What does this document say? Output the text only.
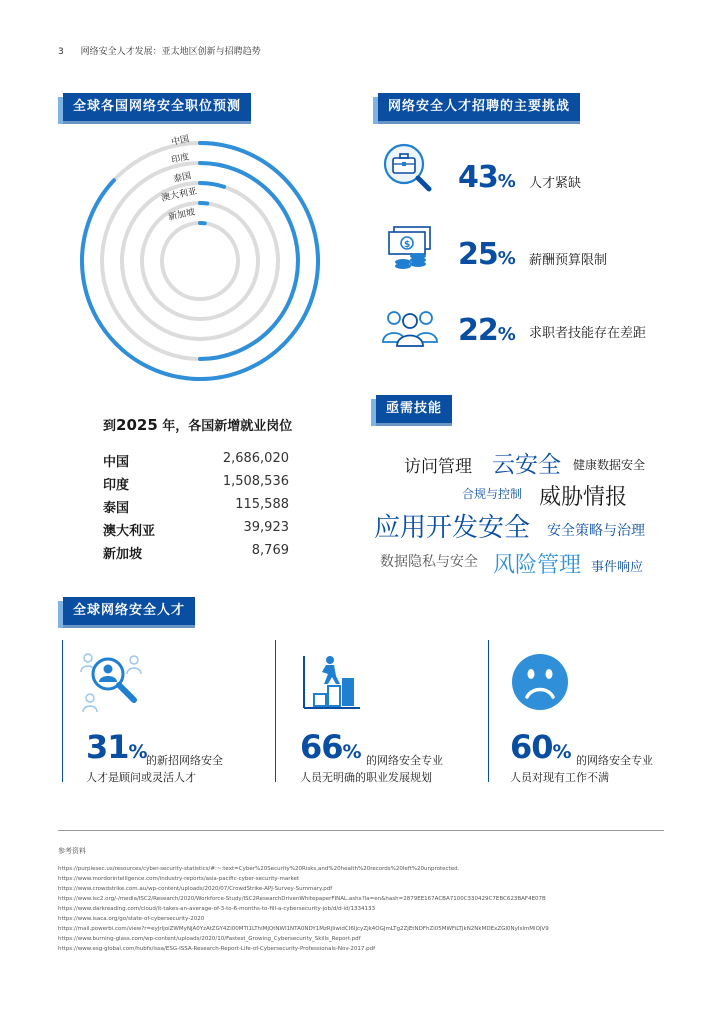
3 网络安全人才发展：亚太地区创新与招聘趋势
全球各国网络安全职位预测
中国
印度
泰国
澳大利亚
新加坡
到2025 年，各国新增就业岗位
中国	2,686,020
印度	1,508,536
泰国	115,588
澳大利亚	39,923
新加坡	8,769
网络安全人才招聘的主要挑战
43% 人才紧缺
$ 25% 薪酬预算限制
22% 求职者技能存在差距
亟需技能
访问管理 云安全 健康数据安全
合规与控制 威胁情报
应用开发安全 安全策略与治理
数据隐私与安全 风险管理 事件响应
全球网络安全人才
31% 的新招网络安全
人才是顾问或灵活人才
66% 的网络安全专业
人员无明确的职业发展规划
60% 的网络安全专业
人员对现有工作不满
参考资料
https://purplesec.us/resources/cyber-security-statistics/#:~:text=Cyber%20Security%20Risks,and%20health%20records%20left%20unprotected.
https://www.mordorintelligence.com/industry-reports/asia-pacific-cyber-security-market
https://www.crowdstrike.com.au/wp-content/uploads/2020/07/CrowdStrike-APJ-Survey-Summary.pdf
https://www.isc2.org/-/media/ISC2/Research/2020/Workforce-Study/ISC2ResearchDrivenWhitepaperFINAL.ashx?la=en&hash=2879EE167ACBA7100C330429C7EBC623BAF4E07B
https://www.darkreading.com/cloud/it-takes-an-average-of-3-to-6-months-to-fill-a-cybersecurity-job/d/d-id/1334133
https://www.isaca.org/go/state-of-cybersecurity-2020
https://mail.powerbi.com/view?r=eyJrIjoiZWMyNjA0YzAtZGY4Zi00MTI1LThiMjQtNWI1NTA0NDY1MzRjIiwidCI6IjcyZjk4OGJmLTg2ZjEtNDFhZi05MWFiLTJkN2NkMDExZGI0NyIsImMiOjV9
https://www.burning-glass.com/wp-content/uploads/2020/10/Fastest_Growing_Cybersecurity_Skills_Report.pdf
https://www.esg-global.com/hubfs/issa/ESG-ISSA-Research-Report-Life-of-Cybersecurity-Professionals-Nov-2017.pdf
